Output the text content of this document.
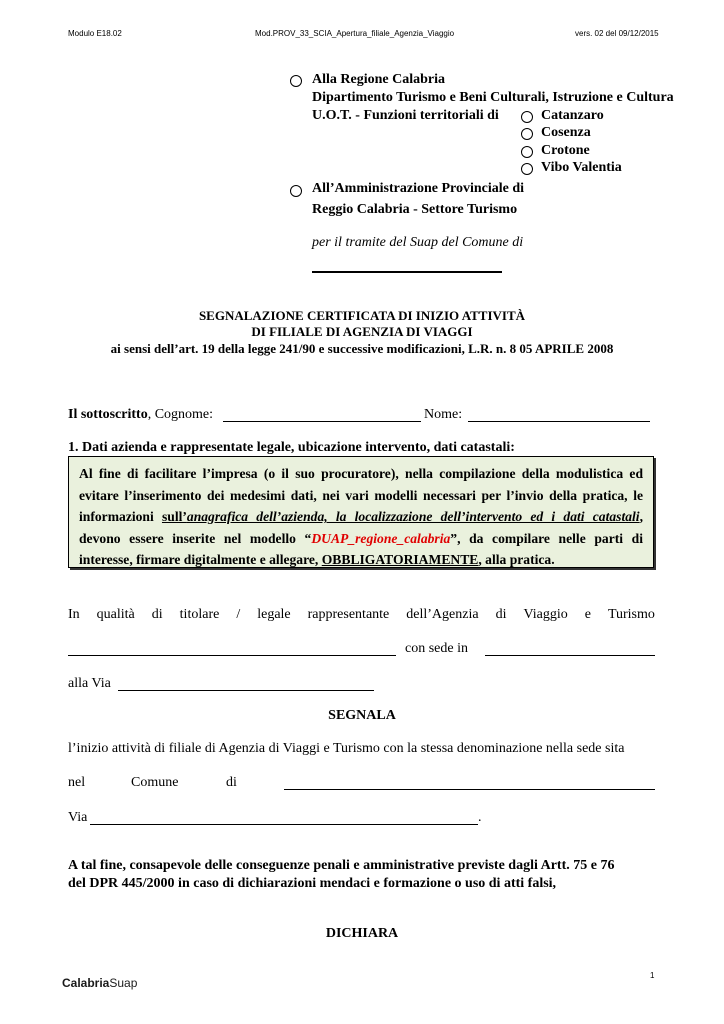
Modulo E18.02	Mod.PROV_33_SCIA_Apertura_filiale_Agenzia_Viaggio	vers. 02 del 09/12/2015
Alla Regione Calabria
Dipartimento Turismo e Beni Culturali, Istruzione e Cultura
U.O.T. - Funzioni territoriali di	Catanzaro
Cosenza
Crotone
Vibo Valentia
All’Amministrazione Provinciale di
Reggio Calabria - Settore Turismo
per il tramite del Suap del Comune di
SEGNALAZIONE CERTIFICATA DI INIZIO ATTIVITÀ
DI FILIALE DI AGENZIA DI VIAGGI
ai sensi dell’art. 19 della legge 241/90 e successive modificazioni, L.R. n. 8 05 APRILE 2008
Il sottoscritto, Cognome:	Nome:
1. Dati azienda e rappresentate legale, ubicazione intervento, dati catastali:
Al fine di facilitare l’impresa (o il suo procuratore), nella compilazione della modulistica ed evitare l’inserimento dei medesimi dati, nei vari modelli necessari per l’invio della pratica, le informazioni sull’anagrafica dell’azienda, la localizzazione dell’intervento ed i dati catastali, devono essere inserite nel modello “DUAP_regione_calabria”, da compilare nelle parti di interesse, firmare digitalmente e allegare, OBBLIGATORIAMENTE, alla pratica.
In qualità di titolare / legale rappresentante dell’Agenzia di Viaggio e Turismo
con sede in
alla Via
SEGNALA
l’inizio attività di filiale di Agenzia di Viaggi e Turismo con la stessa denominazione nella sede sita
nel	Comune	di
Via	.
A tal fine, consapevole delle conseguenze penali e amministrative previste dagli Artt. 75 e 76
del DPR 445/2000 in caso di dichiarazioni mendaci e formazione o uso di atti falsi,
DICHIARA
CalabriaSuap
1
